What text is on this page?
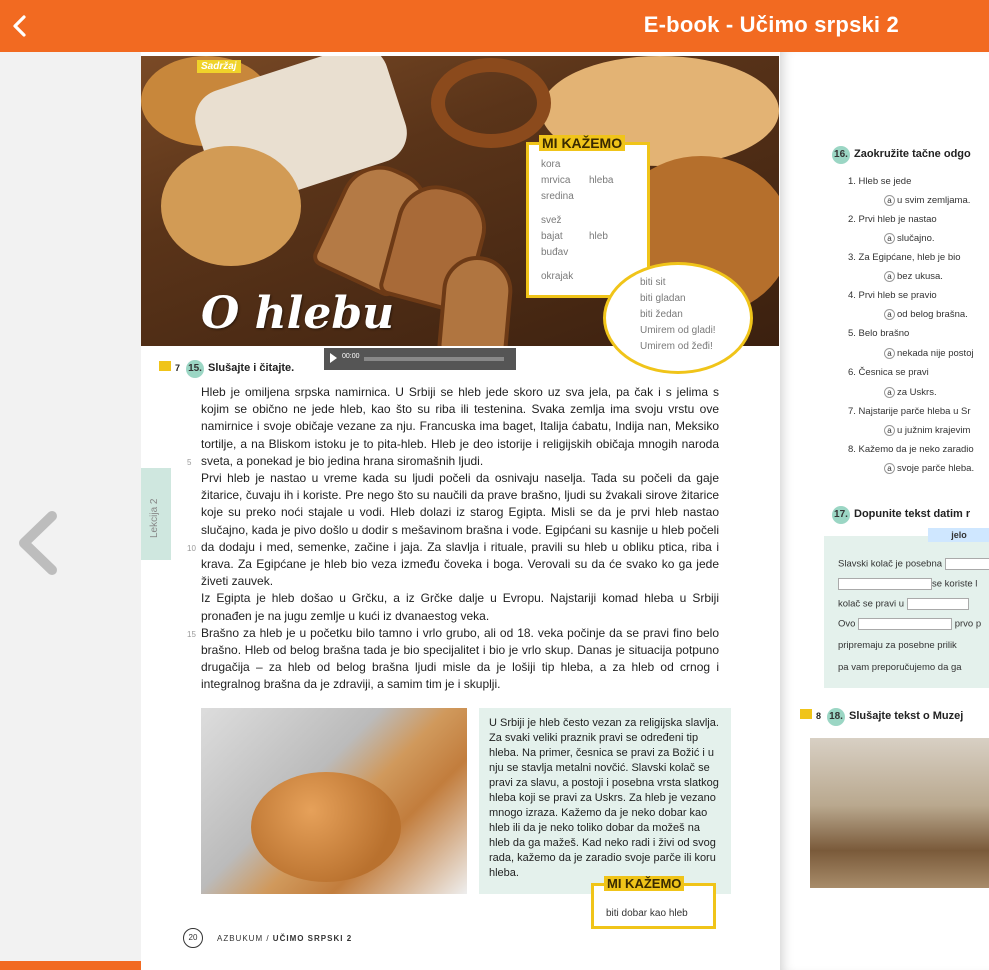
E-book - Učimo srpski 2
Sadržaj
O hlebu
MI KAŽEMO
kora
mrvica hleba
sredina
svež
bajat	hleb
buđav
okrajak
biti sit
biti gladan
biti žedan
Umirem od gladi!
Umirem od žeđi!
00:00
7 15. Slušajte i čitajte.
Lekcija 2
5
10
15

Hleb je omiljena srpska namirnica. U Srbiji se hleb jede skoro uz sva jela, pa čak i s jelima s kojim se obično ne jede hleb, kao što su riba ili testenina. Svaka zemlja ima svoju vrstu ove namirnice i svoje običaje vezane za nju. Francuska ima baget, Italija ćabatu, Indija nan, Meksiko tortilje, a na Bliskom istoku je to pita-hleb. Hleb je deo istorije i religijskih običaja mnogih naroda sveta, a ponekad je bio jedina hrana siromašnih ljudi.

Prvi hleb je nastao u vreme kada su ljudi počeli da osnivaju naselja. Tada su počeli da gaje žitarice, čuvaju ih i koriste. Pre nego što su naučili da prave brašno, ljudi su žvakali sirove žitarice koje su preko noći stajale u vodi. Hleb dolazi iz starog Egipta. Misli se da je prvi hleb nastao slučajno, kada je pivo došlo u dodir s mešavinom brašna i vode. Egipćani su kasnije u hleb počeli da dodaju i med, semenke, začine i jaja. Za slavlja i rituale, pravili su hleb u obliku ptica, riba i krava. Za Egipćane je hleb bio veza između čoveka i boga. Verovali su da će svako ko ga jede živeti zauvek.

Iz Egipta je hleb došao u Grčku, a iz Grčke dalje u Evropu. Najstariji komad hleba u Srbiji pronađen je na jugu zemlje u kući iz dvanaestog veka.

Brašno za hleb je u početku bilo tamno i vrlo grubo, ali od 18. veka počinje da se pravi fino belo brašno. Hleb od belog brašna tada je bio specijalitet i bio je vrlo skup. Danas je situacija potpuno drugačija – za hleb od belog brašna ljudi misle da je lošiji tip hleba, a za hleb od crnog i integralnog brašna da je zdraviji, a samim tim je i skuplji.

U Srbiji je hleb često vezan za religijska slavlja. Za svaki veliki praznik pravi se određeni tip hleba. Na primer, česnica se pravi za Božić i u nju se stavlja metalni novčić. Slavski kolač se pravi za slavu, a postoji i posebna vrsta slatkog hleba koji se pravi za Uskrs. Za hleb je vezano mnogo izraza. Kažemo da je neko dobar kao hleb ili da je neko toliko dobar da možeš na hleb da ga mažeš. Kad neko radi i živi od svog rada, kažemo da je zaradio svoje parče ili koru hleba.
MI KAŽEMO
biti dobar kao hleb
20	AZBUKUM / UČIMO SRPSKI 2
16. Zaokružite tačne odgo
1. Hleb se jede
a u svim zemljama.
2. Prvi hleb je nastao
a slučajno.
3. Za Egipćane, hleb je bio
a bez ukusa.
4. Prvi hleb se pravio
a od belog brašna.
5. Belo brašno
a nekada nije postoj
6. Česnica se pravi
a za Uskrs.
7. Najstarije parče hleba u Sr
a u južnim krajevim
8. Kažemo da je neko zaradio
a svoje parče hleba.
17. Dopunite tekst datim r
jelo
Slavski kolač je posebna
se koriste l
kolač se pravi u
Ovo	prvo p
pripremaju za posebne prilik
pa vam preporučujemo da ga
8 18. Slušajte tekst o Muzej
